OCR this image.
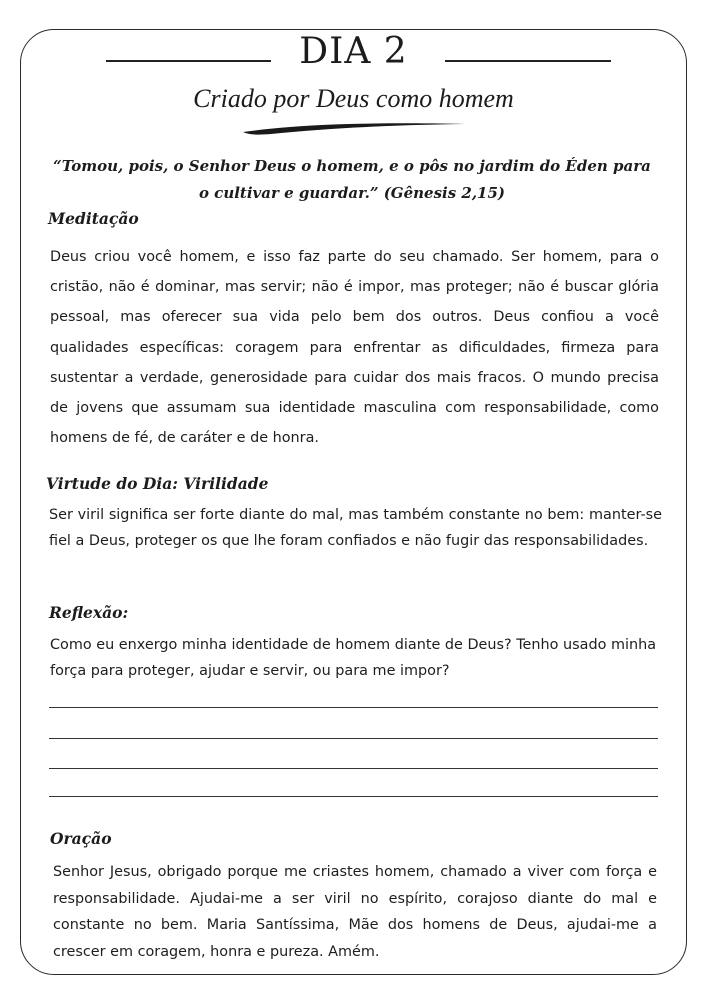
DIA 2
Criado por Deus como homem
“Tomou, pois, o Senhor Deus o homem, e o pôs no jardim do Éden para o cultivar e guardar.” (Gênesis 2,15)
Meditação
Deus criou você homem, e isso faz parte do seu chamado. Ser homem, para o cristão, não é dominar, mas servir; não é impor, mas proteger; não é buscar glória pessoal, mas oferecer sua vida pelo bem dos outros. Deus confiou a você qualidades específicas: coragem para enfrentar as dificuldades, firmeza para sustentar a verdade, generosidade para cuidar dos mais fracos. O mundo precisa de jovens que assumam sua identidade masculina com responsabilidade, como homens de fé, de caráter e de honra.
Virtude do Dia: Virilidade
Ser viril significa ser forte diante do mal, mas também constante no bem: manter-se fiel a Deus, proteger os que lhe foram confiados e não fugir das responsabilidades.
Reflexão:
Como eu enxergo minha identidade de homem diante de Deus? Tenho usado minha força para proteger, ajudar e servir, ou para me impor?
Oração
Senhor Jesus, obrigado porque me criastes homem, chamado a viver com força e responsabilidade. Ajudai-me a ser viril no espírito, corajoso diante do mal e constante no bem. Maria Santíssima, Mãe dos homens de Deus, ajudai-me a crescer em coragem, honra e pureza. Amém.
